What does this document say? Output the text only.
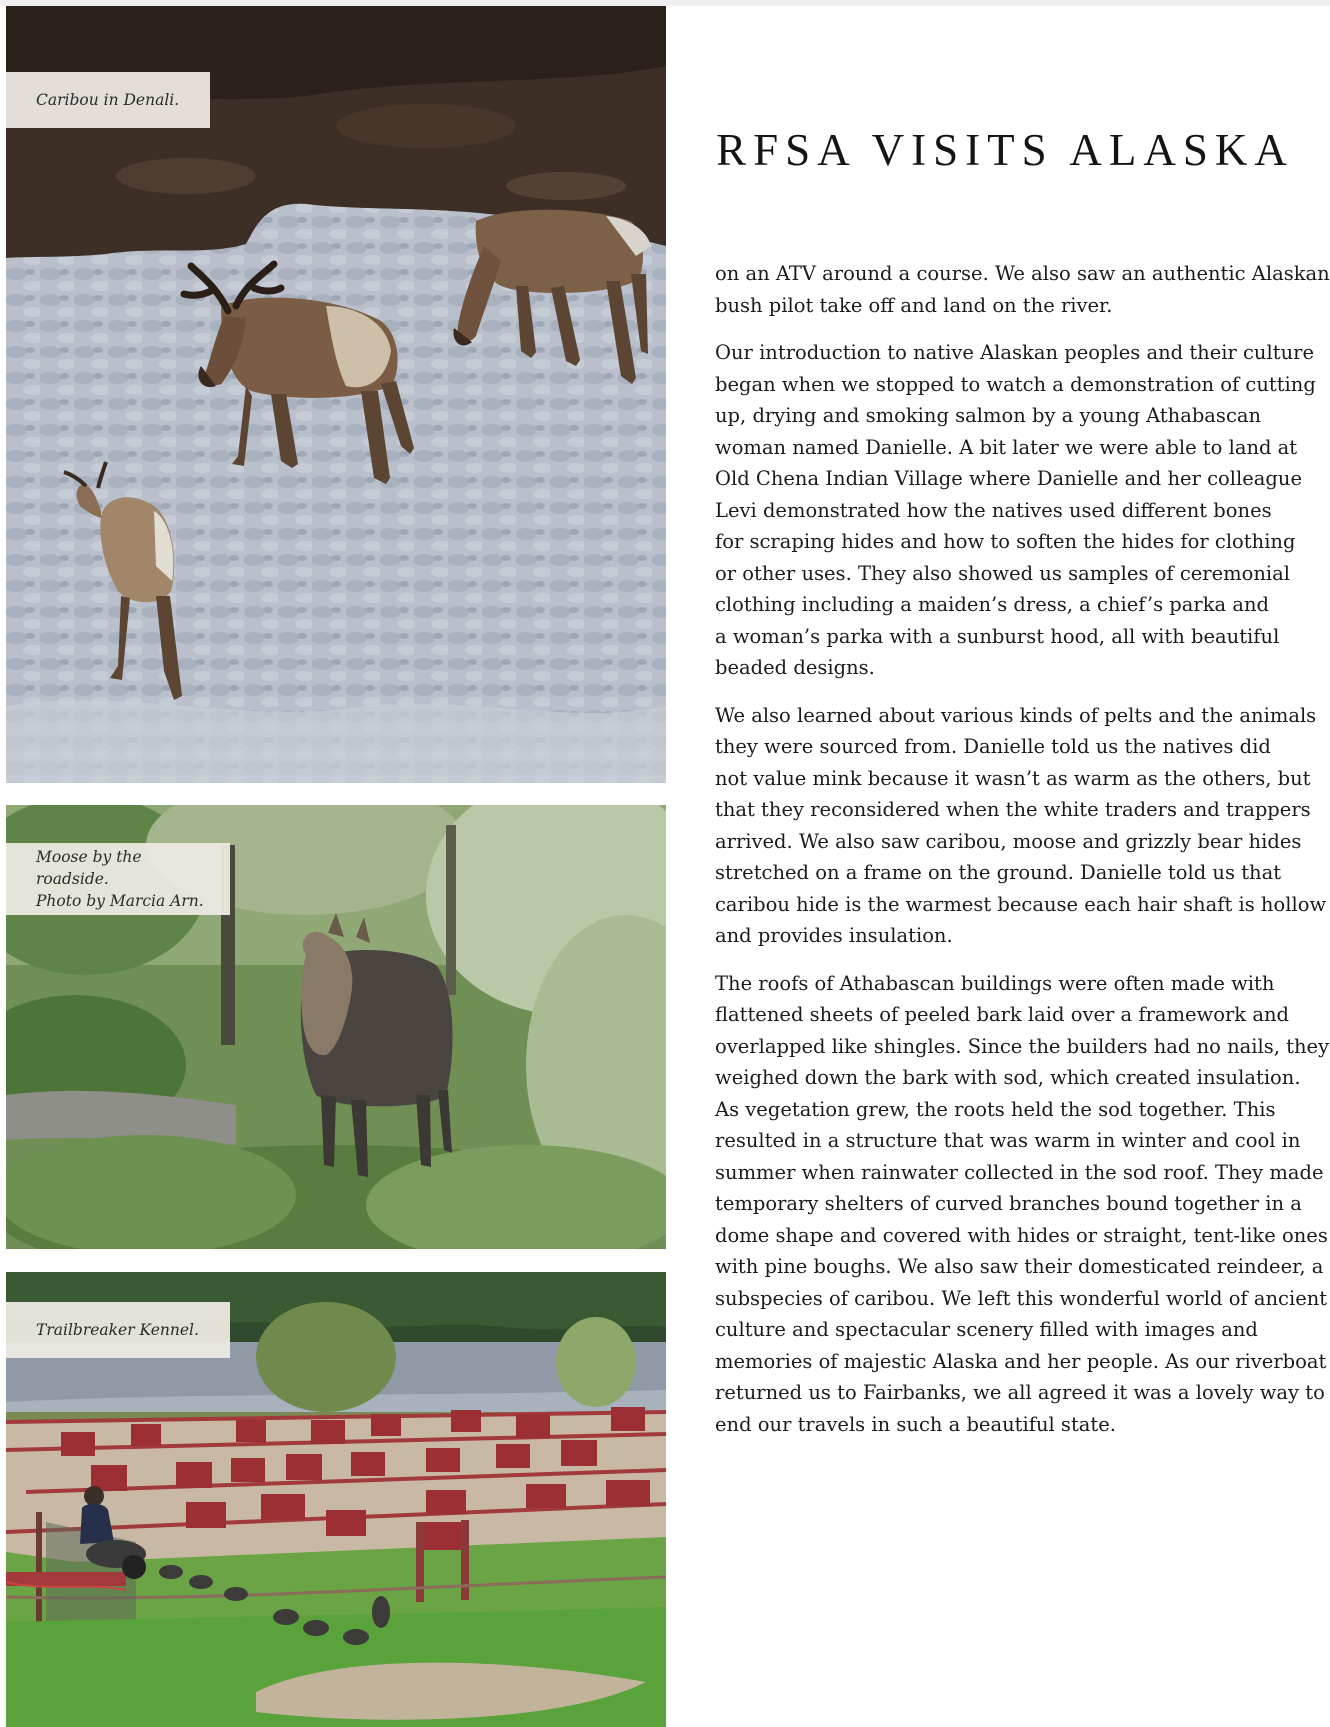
Caribou in Denali.
Moose by the roadside.
Photo by Marcia Arn.
Trailbreaker Kennel.
RFSA VISITS ALASKA

on an ATV around a course. We also saw an authentic Alaskan
bush pilot take off and land on the river.

Our introduction to native Alaskan peoples and their culture
began when we stopped to watch a demonstration of cutting
up, drying and smoking salmon by a young Athabascan
woman named Danielle. A bit later we were able to land at
Old Chena Indian Village where Danielle and her colleague
Levi demonstrated how the natives used different bones
for scraping hides and how to soften the hides for clothing
or other uses. They also showed us samples of ceremonial
clothing including a maiden’s dress, a chief’s parka and
a woman’s parka with a sunburst hood, all with beautiful
beaded designs.

We also learned about various kinds of pelts and the animals
they were sourced from. Danielle told us the natives did
not value mink because it wasn’t as warm as the others, but
that they reconsidered when the white traders and trappers
arrived. We also saw caribou, moose and grizzly bear hides
stretched on a frame on the ground. Danielle told us that
caribou hide is the warmest because each hair shaft is hollow
and provides insulation.

The roofs of Athabascan buildings were often made with
flattened sheets of peeled bark laid over a framework and
overlapped like shingles. Since the builders had no nails, they
weighed down the bark with sod, which created insulation.
As vegetation grew, the roots held the sod together. This
resulted in a structure that was warm in winter and cool in
summer when rainwater collected in the sod roof. They made
temporary shelters of curved branches bound together in a
dome shape and covered with hides or straight, tent-like ones
with pine boughs. We also saw their domesticated reindeer, a
subspecies of caribou. We left this wonderful world of ancient
culture and spectacular scenery filled with images and
memories of majestic Alaska and her people. As our riverboat
returned us to Fairbanks, we all agreed it was a lovely way to
end our travels in such a beautiful state.
